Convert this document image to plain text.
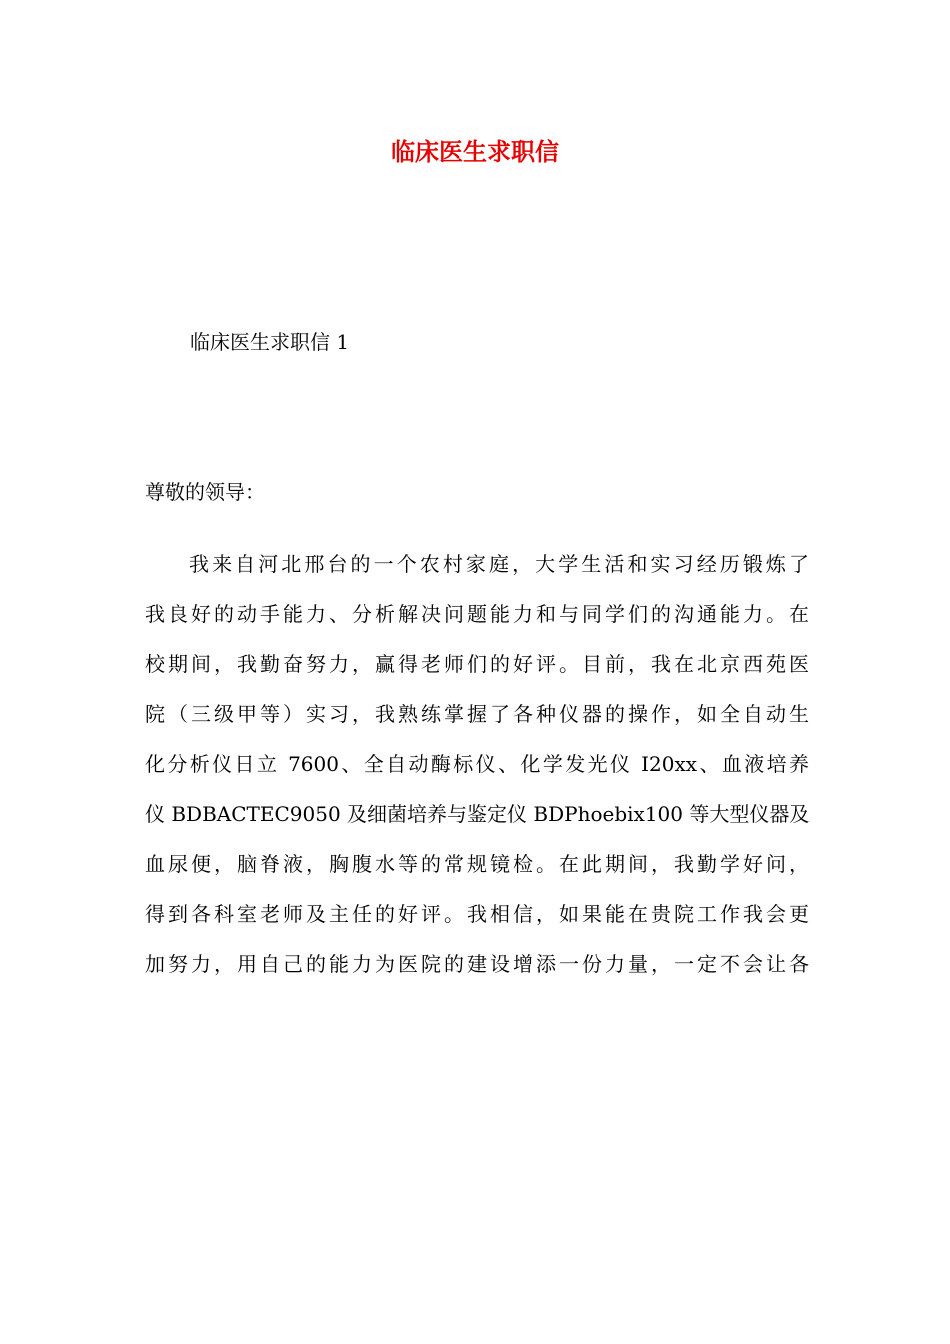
临床医生求职信

临床医生求职信 1

尊敬的领导：

我来自河北邢台的一个农村家庭，大学生活和实习经历锻炼了
我良好的动手能力、分析解决问题能力和与同学们的沟通能力。在
校期间，我勤奋努力，赢得老师们的好评。目前，我在北京西苑医
院（三级甲等）实习，我熟练掌握了各种仪器的操作，如全自动生
化分析仪日立 7600、全自动酶标仪、化学发光仪 I20xx、血液培养
仪 BDBACTEC9050 及细菌培养与鉴定仪 BDPhoebix100 等大型仪器及
血尿便，脑脊液，胸腹水等的常规镜检。在此期间，我勤学好问，
得到各科室老师及主任的好评。我相信，如果能在贵院工作我会更
加努力，用自己的能力为医院的建设增添一份力量，一定不会让各
